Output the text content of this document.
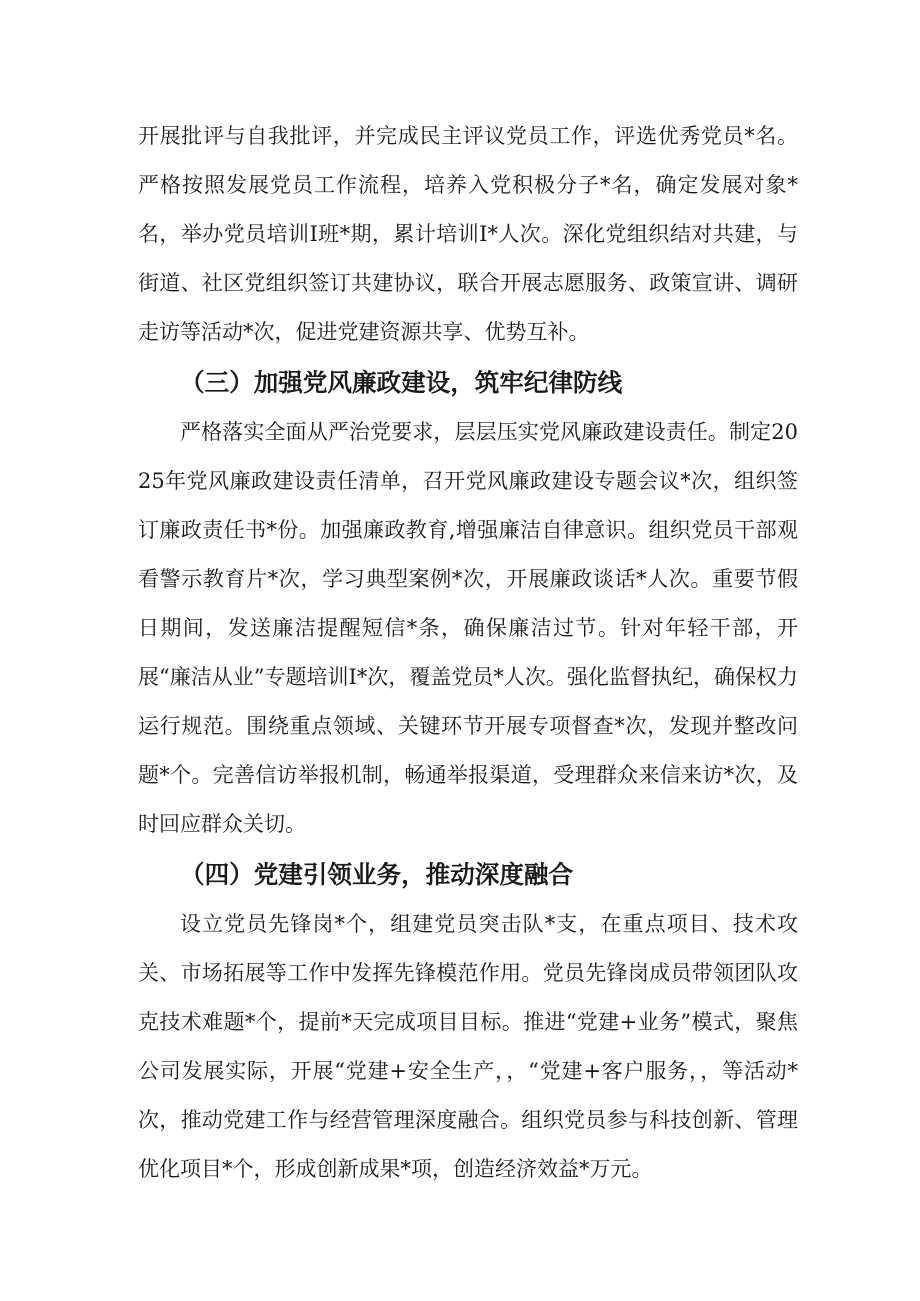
开展批评与自我批评，并完成民主评议党员工作，评选优秀党员*名。严格按照发展党员工作流程，培养入党积极分子*名，确定发展对象*名，举办党员培训I班*期，累计培训I*人次。深化党组织结对共建，与街道、社区党组织签订共建协议，联合开展志愿服务、政策宣讲、调研走访等活动*次，促进党建资源共享、优势互补。

（三）加强党风廉政建设，筑牢纪律防线

严格落实全面从严治党要求，层层压实党风廉政建设责任。制定2025年党风廉政建设责任清单，召开党风廉政建设专题会议*次，组织签订廉政责任书*份。加强廉政教育,增强廉洁自律意识。组织党员干部观看警示教育片*次，学习典型案例*次，开展廉政谈话*人次。重要节假日期间，发送廉洁提醒短信*条，确保廉洁过节。针对年轻干部，开展“廉洁从业”专题培训I*次，覆盖党员*人次。强化监督执纪，确保权力运行规范。围绕重点领域、关键环节开展专项督查*次，发现并整改问题*个。完善信访举报机制，畅通举报渠道，受理群众来信来访*次，及时回应群众关切。

（四）党建引领业务，推动深度融合

设立党员先锋岗*个，组建党员突击队*支，在重点项目、技术攻关、市场拓展等工作中发挥先锋模范作用。党员先锋岗成员带领团队攻克技术难题*个，提前*天完成项目目标。推进“党建+业务”模式，聚焦公司发展实际，开展“党建+安全生产，，“党建+客户服务，，等活动*次，推动党建工作与经营管理深度融合。组织党员参与科技创新、管理优化项目*个，形成创新成果*项，创造经济效益*万元。
